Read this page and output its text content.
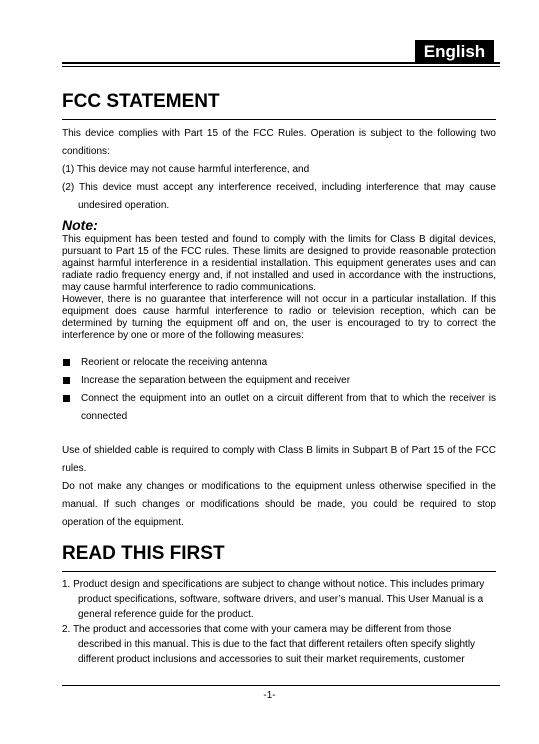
English
FCC STATEMENT

This device complies with Part 15 of the FCC Rules. Operation is subject to the following two conditions:

(1) This device may not cause harmful interference, and

(2) This device must accept any interference received, including interference that may cause undesired operation.

Note:

This equipment has been tested and found to comply with the limits for Class B digital devices, pursuant to Part 15 of the FCC rules. These limits are designed to provide reasonable protection against harmful interference in a residential installation. This equipment generates uses and can radiate radio frequency energy and, if not installed and used in accordance with the instructions, may cause harmful interference to radio communications.

However, there is no guarantee that interference will not occur in a particular installation. If this equipment does cause harmful interference to radio or television reception, which can be determined by turning the equipment off and on, the user is encouraged to try to correct the interference by one or more of the following measures:

Reorient or relocate the receiving antenna
Increase the separation between the equipment and receiver
Connect the equipment into an outlet on a circuit different from that to which the receiver is connected

Use of shielded cable is required to comply with Class B limits in Subpart B of Part 15 of the FCC rules.

Do not make any changes or modifications to the equipment unless otherwise specified in the manual. If such changes or modifications should be made, you could be required to stop operation of the equipment.

READ THIS FIRST
1. Product design and specifications are subject to change without notice. This includes primary product specifications, software, software drivers, and user’s manual. This User Manual is a general reference guide for the product.
2. The product and accessories that come with your camera may be different from those described in this manual. This is due to the fact that different retailers often specify slightly different product inclusions and accessories to suit their market requirements, customer
-1-
